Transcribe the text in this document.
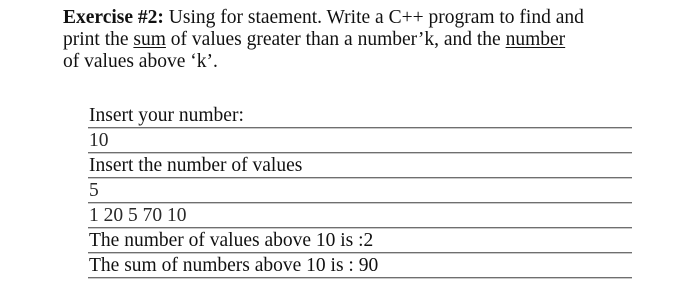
Exercise #2: Using for staement. Write a C++ program to find and
print the sum of values greater than a number’k, and the number
of values above ‘k’.
Insert your number:
10
Insert the number of values
5
1 20 5 70 10
The number of values above 10 is :2
The sum of numbers above 10 is : 90
